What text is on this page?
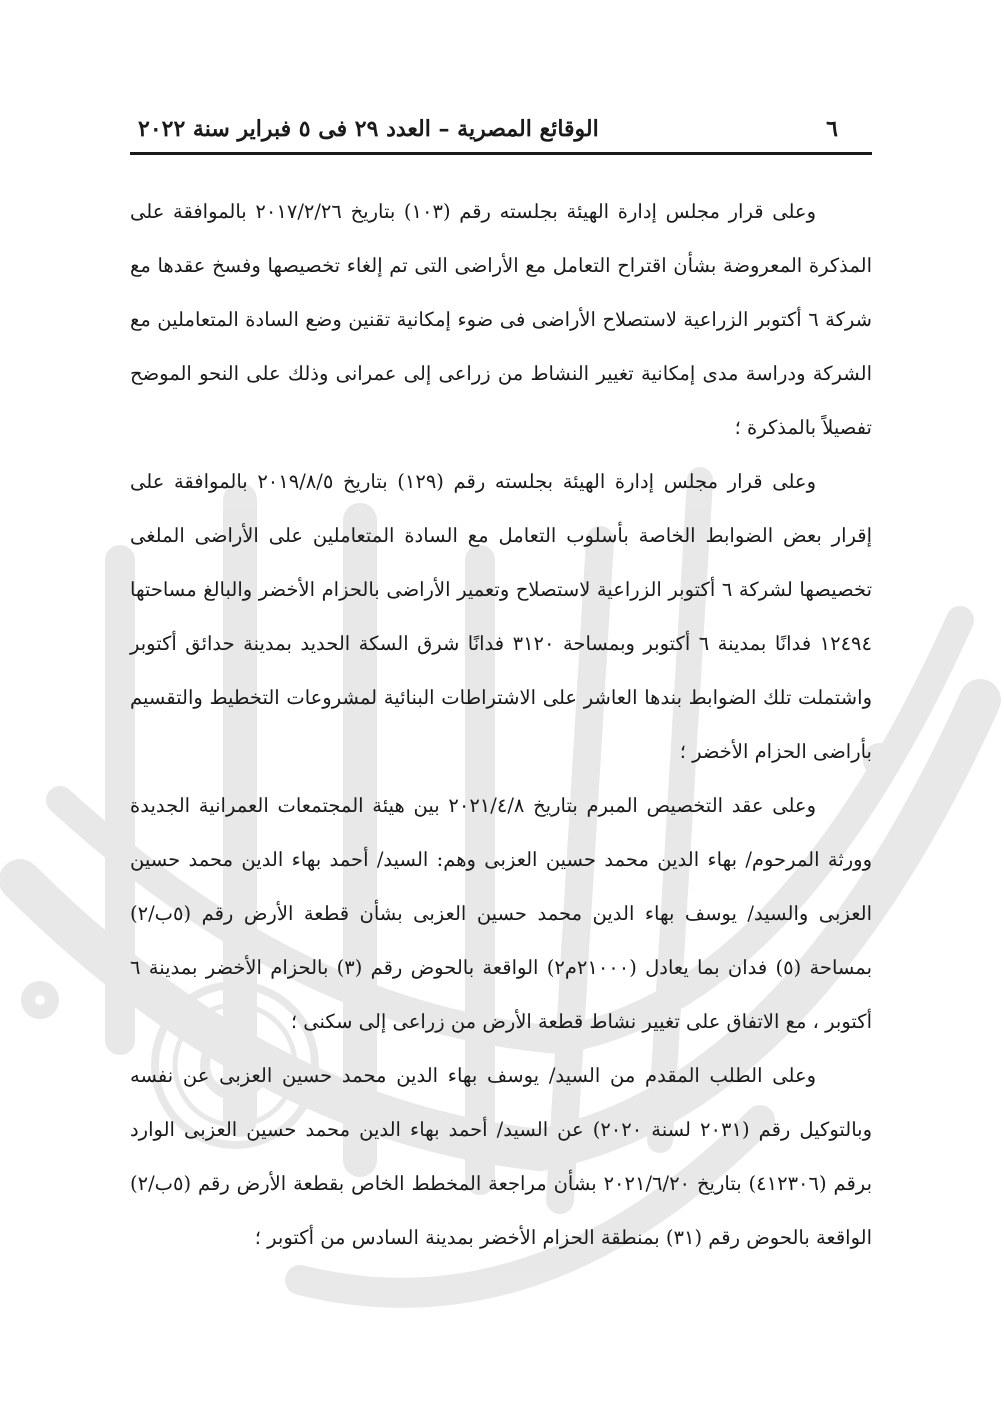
٦
الوقائع المصرية – العدد ٢٩ فى ٥ فبراير سنة ٢٠٢٢

وعلى قرار مجلس إدارة الهيئة بجلسته رقم (١٠٣) بتاريخ ٢٠١٧/٢/٢٦ بالموافقة على المذكرة المعروضة بشأن اقتراح التعامل مع الأراضى التى تم إلغاء تخصيصها وفسخ عقدها مع شركة ٦ أكتوبر الزراعية لاستصلاح الأراضى فى ضوء إمكانية تقنين وضع السادة المتعاملين مع الشركة ودراسة مدى إمكانية تغيير النشاط من زراعى إلى عمرانى وذلك على النحو الموضح تفصيلاً بالمذكرة ؛

وعلى قرار مجلس إدارة الهيئة بجلسته رقم (١٢٩) بتاريخ ٢٠١٩/٨/٥ بالموافقة على إقرار بعض الضوابط الخاصة بأسلوب التعامل مع السادة المتعاملين على الأراضى الملغى تخصيصها لشركة ٦ أكتوبر الزراعية لاستصلاح وتعمير الأراضى بالحزام الأخضر والبالغ مساحتها ١٢٤٩٤ فدانًا بمدينة ٦ أكتوبر وبمساحة ٣١٢٠ فدانًا شرق السكة الحديد بمدينة حدائق أكتوبر واشتملت تلك الضوابط بندها العاشر على الاشتراطات البنائية لمشروعات التخطيط والتقسيم بأراضى الحزام الأخضر ؛

وعلى عقد التخصيص المبرم بتاريخ ٢٠٢١/٤/٨ بين هيئة المجتمعات العمرانية الجديدة وورثة المرحوم/ بهاء الدين محمد حسين العزبى وهم: السيد/ أحمد بهاء الدين محمد حسين العزبى والسيد/ يوسف بهاء الدين محمد حسين العزبى بشأن قطعة الأرض رقم (٥ب/٢) بمساحة (٥) فدان بما يعادل (٢١٠٠٠م٢) الواقعة بالحوض رقم (٣) بالحزام الأخضر بمدينة ٦ أكتوبر ، مع الاتفاق على تغيير نشاط قطعة الأرض من زراعى إلى سكنى ؛

وعلى الطلب المقدم من السيد/ يوسف بهاء الدين محمد حسين العزبى عن نفسه وبالتوكيل رقم (٢٠٣١ لسنة ٢٠٢٠) عن السيد/ أحمد بهاء الدين محمد حسين العزبى الوارد برقم (٤١٢٣٠٦) بتاريخ ٢٠٢١/٦/٢٠ بشأن مراجعة المخطط الخاص بقطعة الأرض رقم (٥ب/٢) الواقعة بالحوض رقم (٣١) بمنطقة الحزام الأخضر بمدينة السادس من أكتوبر ؛
